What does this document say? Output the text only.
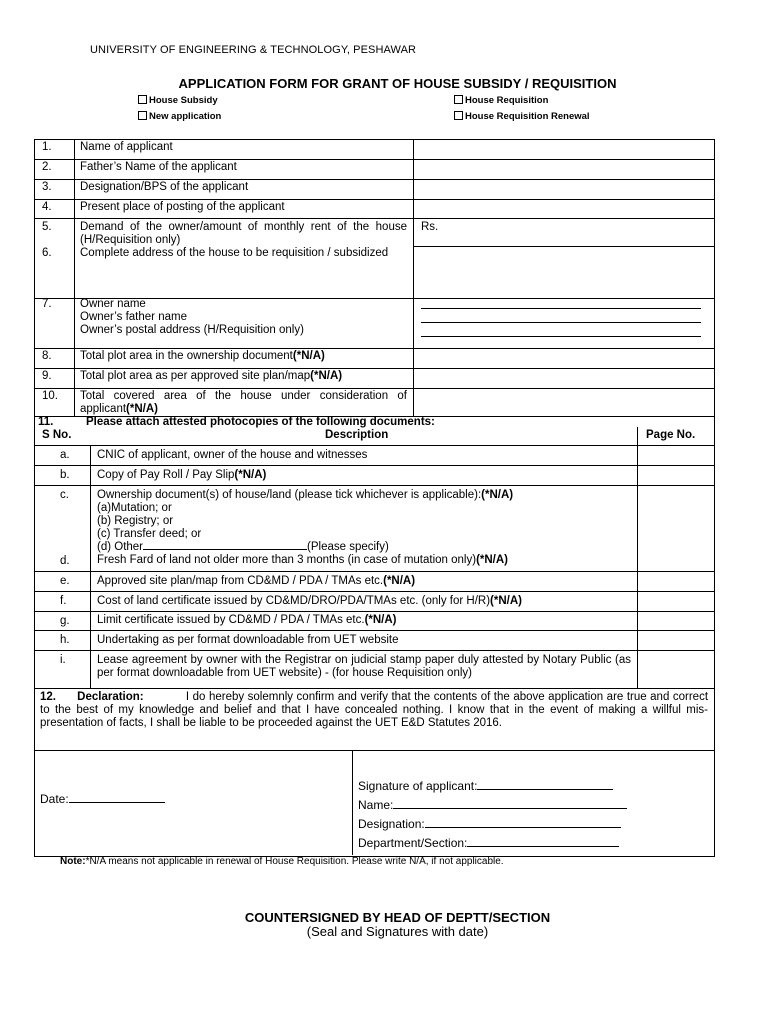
UNIVERSITY OF ENGINEERING & TECHNOLOGY, PESHAWAR
APPLICATION FORM FOR GRANT OF HOUSE SUBSIDY / REQUISITION
House Subsidy	House Requisition
New application	House Requisition Renewal
1. Name of applicant
2. Father’s Name of the applicant
3. Designation/BPS of the applicant
4. Present place of posting of the applicant
5. Demand of the owner/amount of monthly rent of the house (H/Requisition only)
Rs.
6. Complete address of the house to be requisition / subsidized
7. Owner name
Owner’s father name
Owner’s postal address (H/Requisition only)
8. Total plot area in the ownership document(*N/A)
9. Total plot area as per approved site plan/map(*N/A)
10. Total covered area of the house under consideration of applicant(*N/A)
11.	Please attach attested photocopies of the following documents:
S No.	Description	Page No.
a. CNIC of applicant, owner of the house and witnesses
b. Copy of Pay Roll / Pay Slip(*N/A)
c. Ownership document(s) of house/land (please tick whichever is applicable):(*N/A)
(a)Mutation; or
(b) Registry; or
(c) Transfer deed; or
(d) Other	(Please specify)
d. Fresh Fard of land not older more than 3 months (in case of mutation only)(*N/A)
e. Approved site plan/map from CD&MD / PDA / TMAs etc.(*N/A)
f.	Cost of land certificate issued by CD&MD/DRO/PDA/TMAs etc. (only for H/R)(*N/A)
g. Limit certificate issued by CD&MD / PDA / TMAs etc.(*N/A)
h. Undertaking as per format downloadable from UET website
i.	Lease agreement by owner with the Registrar on judicial stamp paper duly attested by Notary Public (as per format downloadable from UET website) - (for house Requisition only)
12. Declaration:	I do hereby solemnly confirm and verify that the contents of the above application are true and correct to the best of my knowledge and belief and that I have concealed nothing. I know that in the event of making a willful mis-presentation of facts, I shall be liable to be proceeded against the UET E&D Statutes 2016.
Date:
Signature of applicant:
Name:
Designation:
Department/Section:
Note:*N/A means not applicable in renewal of House Requisition. Please write N/A, if not applicable.
COUNTERSIGNED BY HEAD OF DEPTT/SECTION
(Seal and Signatures with date)
